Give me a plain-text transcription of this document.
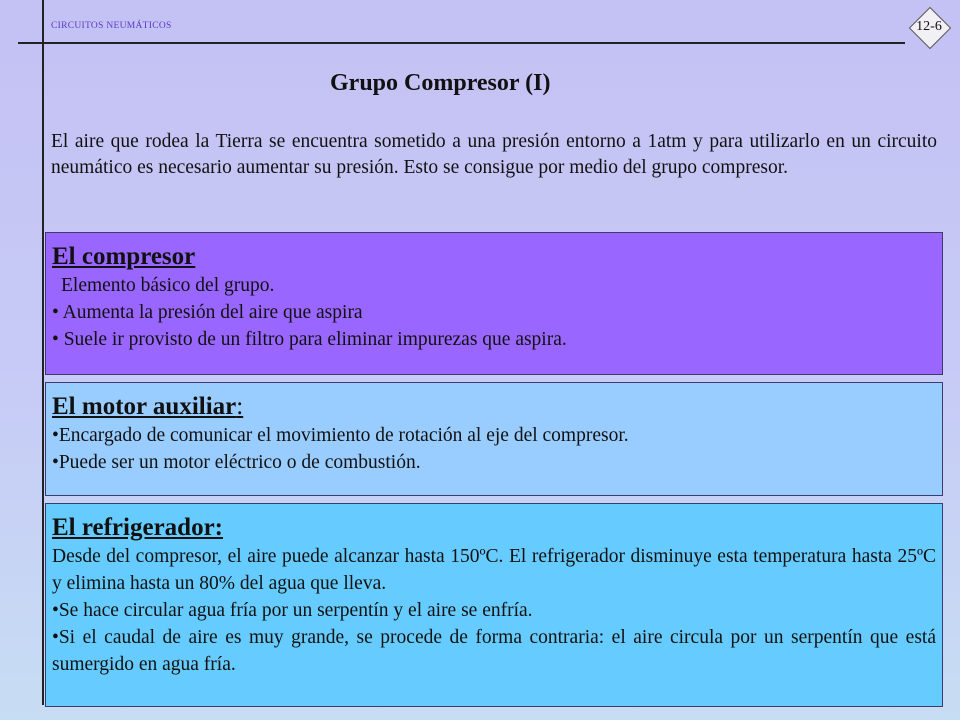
CIRCUITOS NEUMÁTICOS	12-6
Grupo Compresor (I)
El aire que rodea la Tierra se encuentra sometido a una presión entorno a 1atm y para utilizarlo en un circuito neumático es necesario aumentar su presión. Esto se consigue por medio del grupo compresor.
El compresor
Elemento básico del grupo.
• Aumenta la presión del aire que aspira
• Suele ir provisto de un filtro para eliminar impurezas que aspira.
El motor auxiliar:
•Encargado de comunicar el movimiento de rotación al eje del compresor.
•Puede ser un motor eléctrico o de combustión.
El refrigerador:
Desde del compresor, el aire puede alcanzar hasta 150ºC. El refrigerador disminuye esta temperatura hasta 25ºC y elimina hasta un 80% del agua que lleva.
•Se hace circular agua fría por un serpentín y el aire se enfría.
•Si el caudal de aire es muy grande, se procede de forma contraria: el aire circula por un serpentín que está sumergido en agua fría.
